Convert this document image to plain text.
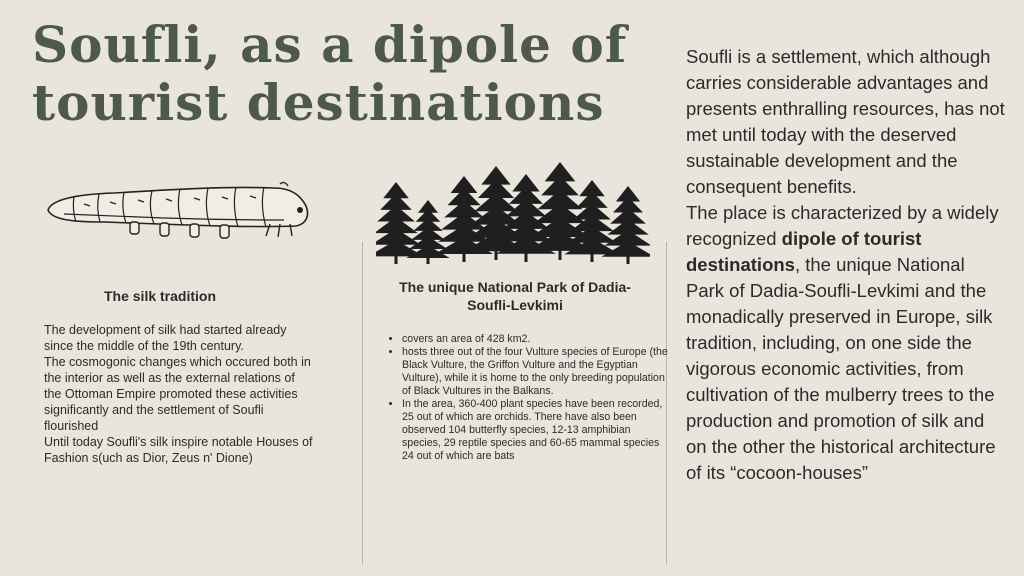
Soufli, as a dipole of tourist destinations

Soufli is a settlement, which although carries considerable advantages and presents enthralling resources, has not met until today with the deserved sustainable development and the consequent benefits.

The place is characterized by a widely recognized dipole of tourist destinations, the unique National Park of Dadia-Soufli-Levkimi and the monadically preserved in Europe, silk tradition, including, on one side the vigorous economic activities, from cultivation of the mulberry trees to the production and promotion of silk and on the other the historical architecture of its “cocoon-houses”

The silk tradition

The development of silk had started already since the middle of the 19th century.

The cosmogonic changes which occured both in the interior as well as the external relations of the Ottoman Empire promoted these activities significantly and the settlement of Soufli flourished

Until today Soufli's silk inspire notable Houses of Fashion s(uch as Dior, Zeus n' Dione)

The unique National Park of Dadia-Soufli-Levkimi
• covers an area of 428 km2.
• hosts three out of the four Vulture species of Europe (the Black Vulture, the Griffon Vulture and the Egyptian Vulture), while it is home to the only breeding population of Black Vultures in the Balkans.
• In the area, 360-400 plant species have been recorded, 25 out of which are orchids. There have also been observed 104 butterfly species, 12-13 amphibian species, 29 reptile species and 60-65 mammal species 24 out of which are bats
